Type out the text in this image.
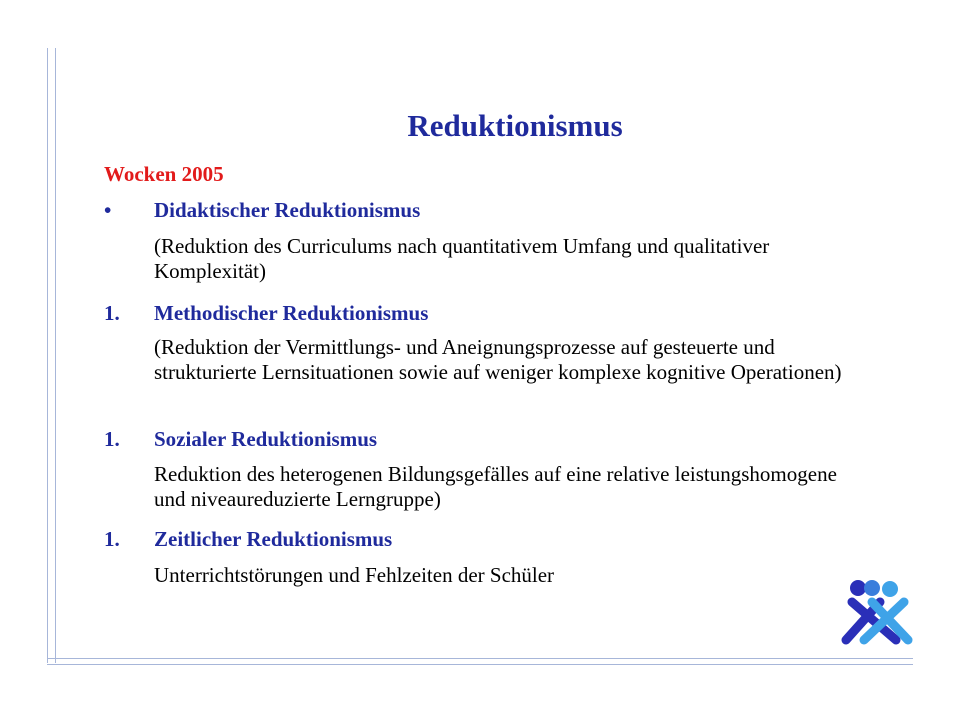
Reduktionismus
Wocken 2005
•	Didaktischer Reduktionismus
(Reduktion des Curriculums nach quantitativem Umfang und qualitativer Komplexität)
1.	Methodischer Reduktionismus
(Reduktion der Vermittlungs- und Aneignungsprozesse auf gesteuerte und strukturierte Lernsituationen sowie auf weniger komplexe kognitive Operationen)
1.	Sozialer Reduktionismus
Reduktion des heterogenen Bildungsgefälles auf eine relative leistungshomogene und niveaureduzierte Lerngruppe)
1.	Zeitlicher Reduktionismus
Unterrichtstörungen und Fehlzeiten der Schüler
